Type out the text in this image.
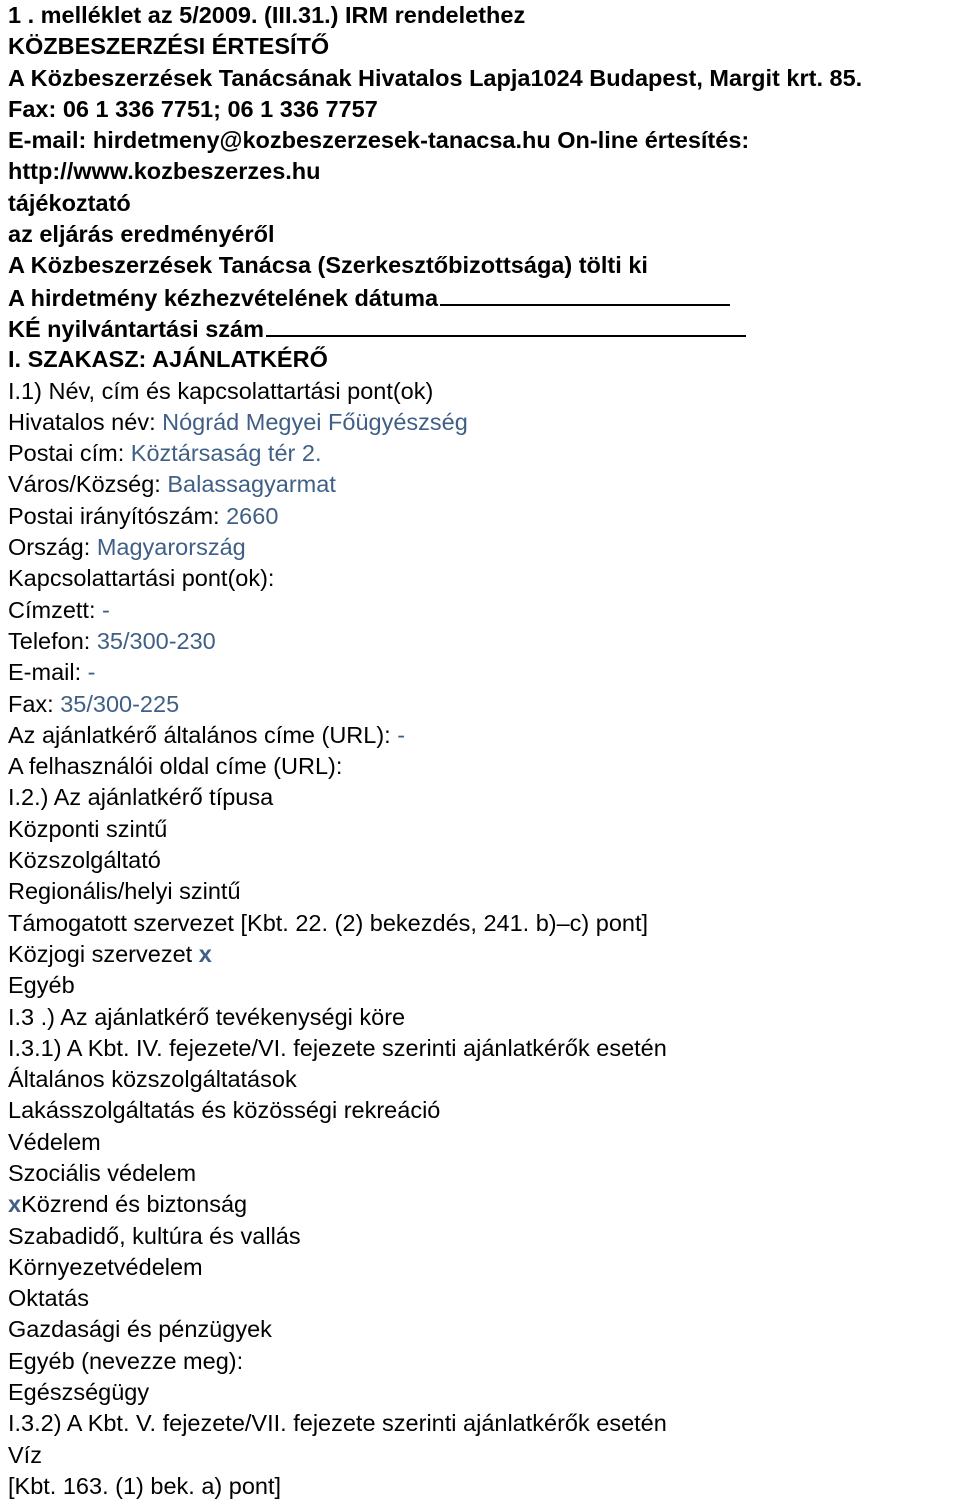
1 . melléklet az 5/2009. (III.31.) IRM rendelethez
KÖZBESZERZÉSI ÉRTESÍTŐ
A Közbeszerzések Tanácsának Hivatalos Lapja1024 Budapest, Margit krt. 85.
Fax: 06 1 336 7751; 06 1 336 7757
E-mail: hirdetmeny@kozbeszerzesek-tanacsa.hu On-line értesítés:
http://www.kozbeszerzes.hu
tájékoztató
az eljárás eredményéről
A Közbeszerzések Tanácsa (Szerkesztőbizottsága) tölti ki
A hirdetmény kézhezvételének dátuma
KÉ nyilvántartási szám
I. SZAKASZ: AJÁNLATKÉRŐ
I.1) Név, cím és kapcsolattartási pont(ok)
Hivatalos név: Nógrád Megyei Főügyészség
Postai cím: Köztársaság tér 2.
Város/Község: Balassagyarmat
Postai irányítószám: 2660
Ország: Magyarország
Kapcsolattartási pont(ok):
Címzett: -
Telefon: 35/300-230
E-mail: -
Fax: 35/300-225
Az ajánlatkérő általános címe (URL): -
A felhasználói oldal címe (URL):
I.2.) Az ajánlatkérő típusa
Központi szintű
Közszolgáltató
Regionális/helyi szintű
Támogatott szervezet [Kbt. 22. (2) bekezdés, 241. b)–c) pont]
Közjogi szervezet x
Egyéb
I.3 .) Az ajánlatkérő tevékenységi köre
I.3.1) A Kbt. IV. fejezete/VI. fejezete szerinti ajánlatkérők esetén
Általános közszolgáltatások
Lakásszolgáltatás és közösségi rekreáció
Védelem
Szociális védelem
xKözrend és biztonság
Szabadidő, kultúra és vallás
Környezetvédelem
Oktatás
Gazdasági és pénzügyek
Egyéb (nevezze meg):
Egészségügy
I.3.2) A Kbt. V. fejezete/VII. fejezete szerinti ajánlatkérők esetén
Víz
[Kbt. 163. (1) bek. a) pont]
